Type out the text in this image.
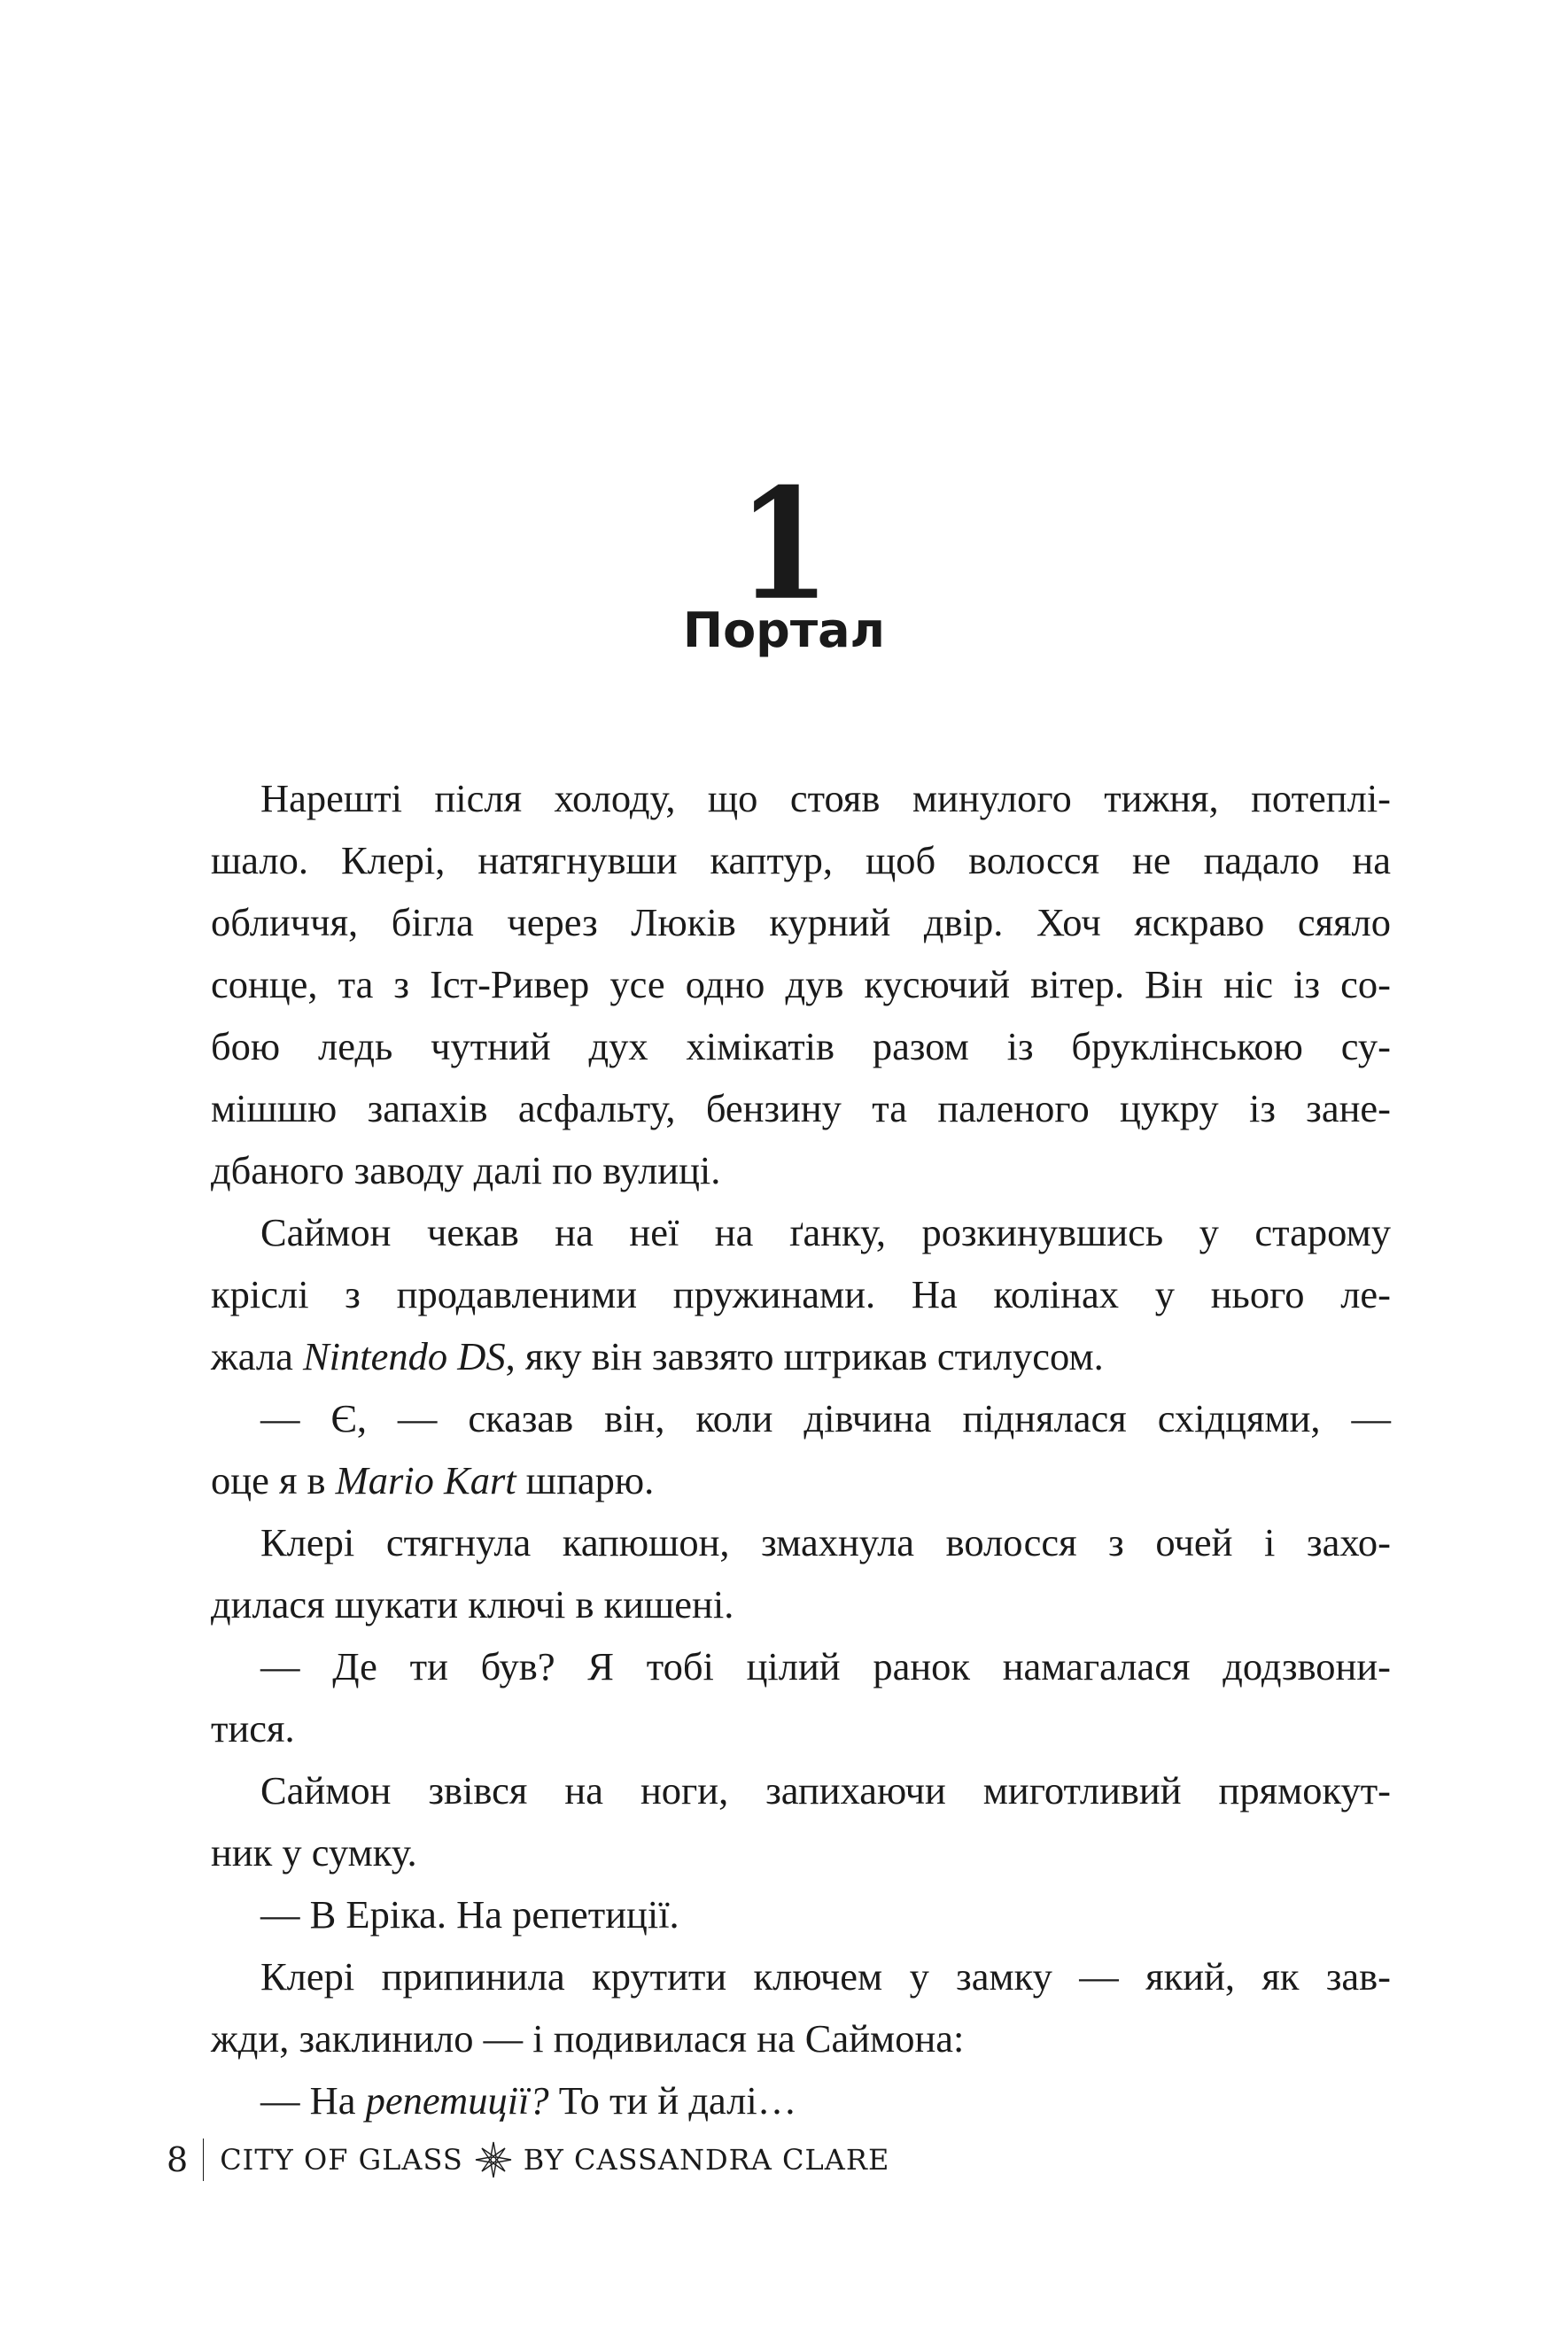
1
Портал
Нарешті після холоду, що стояв минулого тижня, потеплі-
шало. Клері, натягнувши каптур, щоб волосся не падало на
обличчя, бігла через Люків курний двір. Хоч яскраво сяяло
сонце, та з Іст-Ривер усе одно дув кусючий вітер. Він ніс із со-
бою ледь чутний дух хімікатів разом із бруклінською су-
мішшю запахів асфальту, бензину та паленого цукру із зане-
дбаного заводу далі по вулиці.
Саймон чекав на неї на ґанку, розкинувшись у старому
кріслі з продавленими пружинами. На колінах у нього ле-
жала Nintendo DS, яку він завзято штрикав стилусом.
— Є, — сказав він, коли дівчина піднялася східцями, —
оце я в Mario Kart шпарю.
Клері стягнула капюшон, змахнула волосся з очей і захо-
дилася шукати ключі в кишені.
— Де ти був? Я тобі цілий ранок намагалася додзвони-
тися.
Саймон звівся на ноги, запихаючи миготливий прямокут-
ник у сумку.
— В Еріка. На репетиції.
Клері припинила крутити ключем у замку — який, як зав-
жди, заклинило — і подивилася на Саймона:
— На репетиції? То ти й далі…
8 CITY OF GLASS BY CASSANDRA CLARE
